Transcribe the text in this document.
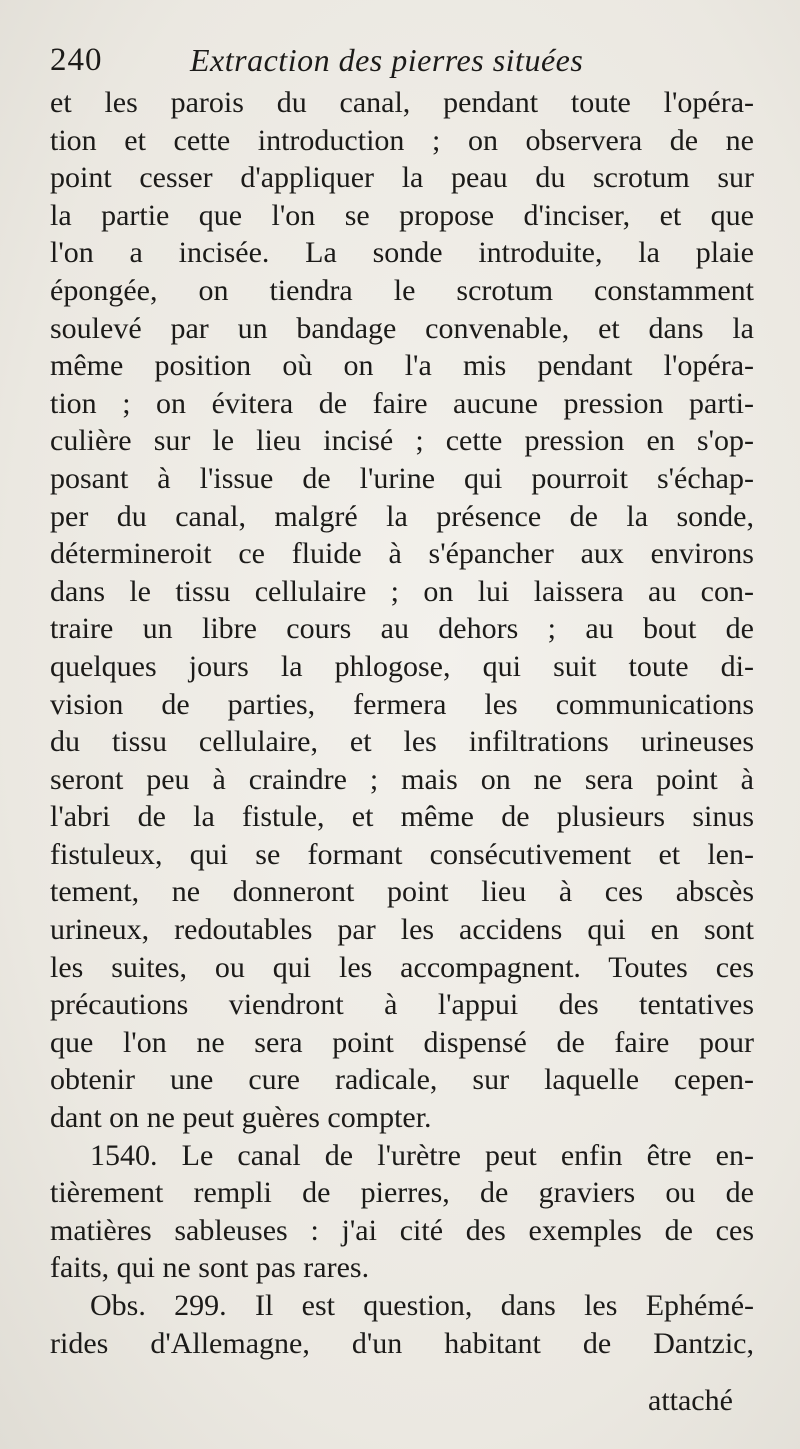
240	Extraction des pierres situées
et les parois du canal, pendant toute l'opéra-
tion et cette introduction ; on observera de ne
point cesser d'appliquer la peau du scrotum sur
la partie que l'on se propose d'inciser, et que
l'on a incisée. La sonde introduite, la plaie
épongée, on tiendra le scrotum constamment
soulevé par un bandage convenable, et dans la
même position où on l'a mis pendant l'opéra-
tion ; on évitera de faire aucune pression parti-
culière sur le lieu incisé ; cette pression en s'op-
posant à l'issue de l'urine qui pourroit s'échap-
per du canal, malgré la présence de la sonde,
détermineroit ce fluide à s'épancher aux environs
dans le tissu cellulaire ; on lui laissera au con-
traire un libre cours au dehors ; au bout de
quelques jours la phlogose, qui suit toute di-
vision de parties, fermera les communications
du tissu cellulaire, et les infiltrations urineuses
seront peu à craindre ; mais on ne sera point à
l'abri de la fistule, et même de plusieurs sinus
fistuleux, qui se formant consécutivement et len-
tement, ne donneront point lieu à ces abscès
urineux, redoutables par les accidens qui en sont
les suites, ou qui les accompagnent. Toutes ces
précautions viendront à l'appui des tentatives
que l'on ne sera point dispensé de faire pour
obtenir une cure radicale, sur laquelle cepen-
dant on ne peut guères compter.
1540. Le canal de l'urètre peut enfin être en-
tièrement rempli de pierres, de graviers ou de
matières sableuses : j'ai cité des exemples de ces
faits, qui ne sont pas rares.
Obs. 299. Il est question, dans les Ephémé-
rides d'Allemagne, d'un habitant de Dantzic,
attaché
